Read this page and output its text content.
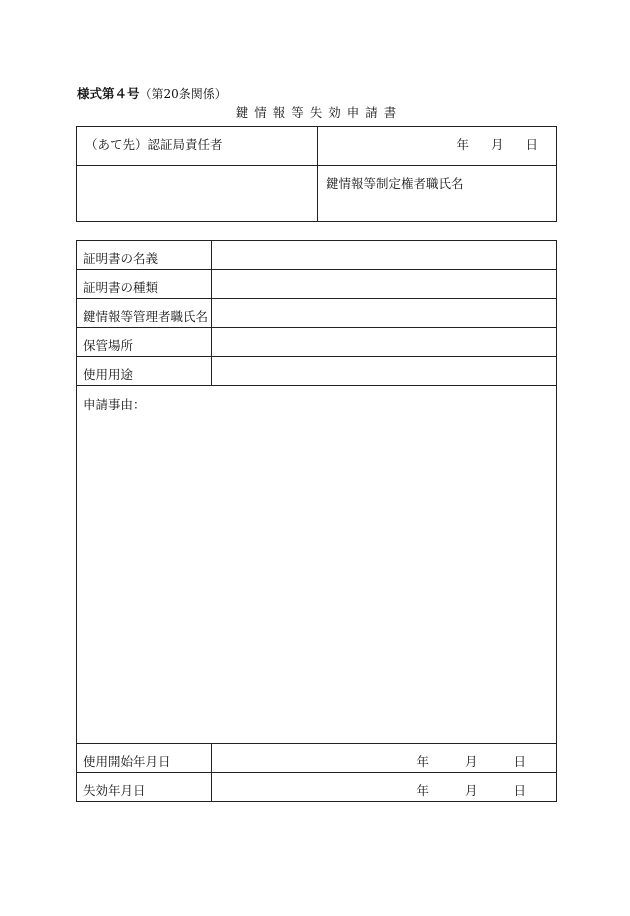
様式第４号（第20条関係）
鍵情報等失効申請書
（あて先）認証局責任者	年 月 日

	鍵情報等制定権者職氏名
証明書の名義	

証明書の種類	

鍵情報等管理者職氏名	

保管場所	

使用用途	

申請事由：	
使用開始年月日	年 月 日

失効年月日	年 月 日
